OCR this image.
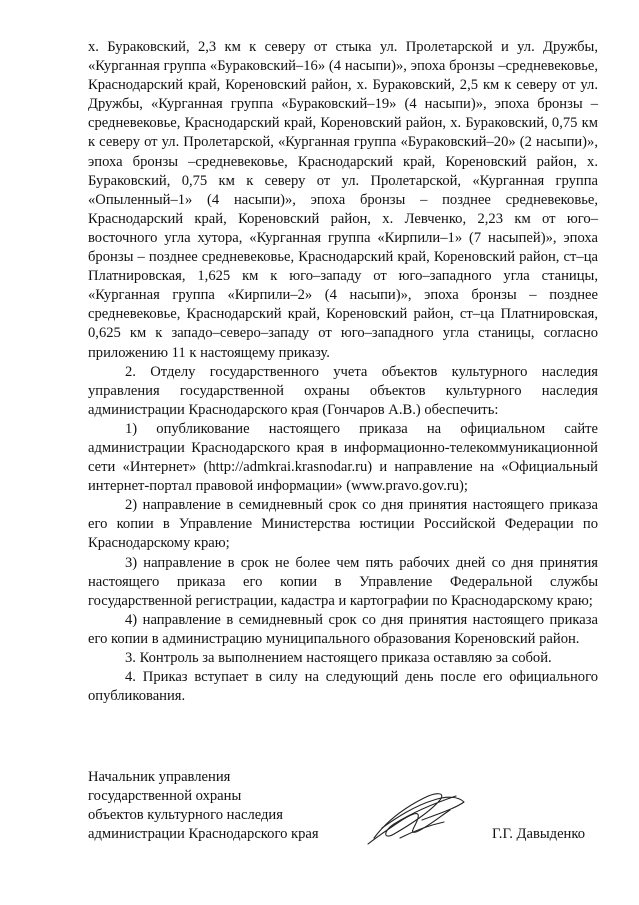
х. Бураковский, 2,3 км к северу от стыка ул. Пролетарской и ул. Дружбы, «Курганная группа «Бураковский–16» (4 насыпи)», эпоха бронзы –средневековье, Краснодарский край, Кореновский район, х. Бураковский, 2,5 км к северу от ул. Дружбы, «Курганная группа «Бураковский–19» (4 насыпи)», эпоха бронзы – средневековье, Краснодарский край, Кореновский район, х. Бураковский, 0,75 км к северу от ул. Пролетарской, «Курганная группа «Бураковский–20» (2 насыпи)», эпоха бронзы –средневековье, Краснодарский край, Кореновский район, х. Бураковский, 0,75 км к северу от ул. Пролетарской, «Курганная группа «Опыленный–1» (4 насыпи)», эпоха бронзы – позднее средневековье, Краснодарский край, Кореновский район, х. Левченко, 2,23 км от юго–восточного угла хутора, «Курганная группа «Кирпили–1» (7 насыпей)», эпоха бронзы – позднее средневековье, Краснодарский край, Кореновский район, ст–ца Платнировская, 1,625 км к юго–западу от юго–западного угла станицы, «Курганная группа «Кирпили–2» (4 насыпи)», эпоха бронзы – позднее средневековье, Краснодарский край, Кореновский район, ст–ца Платнировская, 0,625 км к западо–северо–западу от юго–западного угла станицы, согласно приложению 11 к настоящему приказу.

2. Отделу государственного учета объектов культурного наследия управления государственной охраны объектов культурного наследия администрации Краснодарского края (Гончаров А.В.) обеспечить:

1) опубликование настоящего приказа на официальном сайте администрации Краснодарского края в информационно-телекоммуникационной сети «Интернет» (http://admkrai.krasnodar.ru) и направление на «Официальный интернет-портал правовой информации» (www.pravo.gov.ru);

2) направление в семидневный срок со дня принятия настоящего приказа его копии в Управление Министерства юстиции Российской Федерации по Краснодарскому краю;

3) направление в срок не более чем пять рабочих дней со дня принятия настоящего приказа его копии в Управление Федеральной службы государственной регистрации, кадастра и картографии по Краснодарскому краю;

4) направление в семидневный срок со дня принятия настоящего приказа его копии в администрацию муниципального образования Кореновский район.

3. Контроль за выполнением настоящего приказа оставляю за собой.

4. Приказ вступает в силу на следующий день после его официального опубликования.

Начальник управления
государственной охраны
объектов культурного наследия
администрации Краснодарского края	Г.Г. Давыденко
